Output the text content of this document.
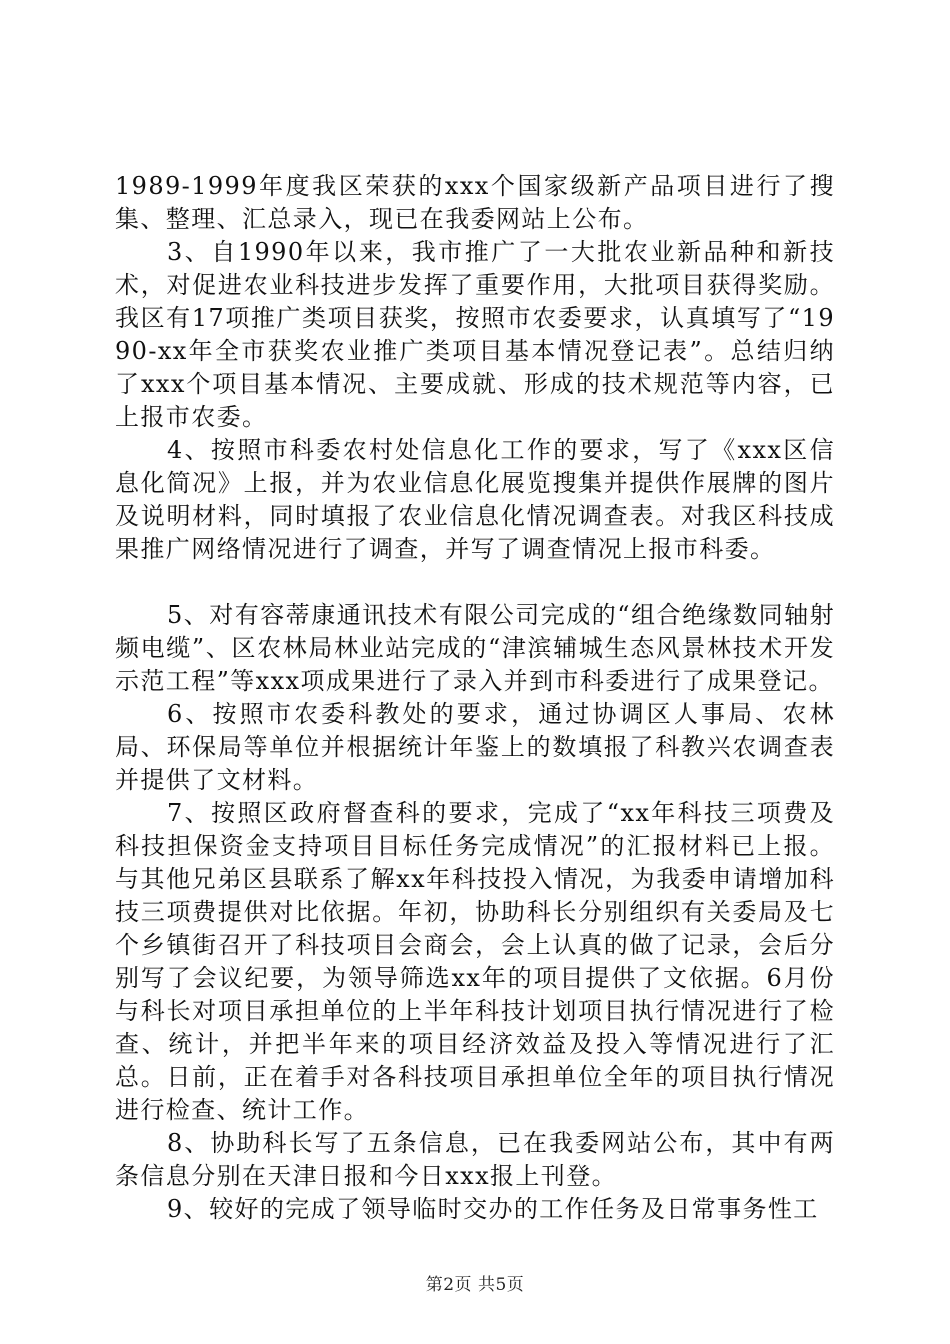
1989-1999年度我区荣获的xxx个国家级新产品项目进行了搜集、整理、汇总录入，现已在我委网站上公布。

3、自1990年以来，我市推广了一大批农业新品种和新技术，对促进农业科技进步发挥了重要作用，大批项目获得奖励。我区有17项推广类项目获奖，按照市农委要求，认真填写了“1990-xx年全市获奖农业推广类项目基本情况登记表”。总结归纳了xxx个项目基本情况、主要成就、形成的技术规范等内容，已上报市农委。

4、按照市科委农村处信息化工作的要求，写了《xxx区信息化简况》上报，并为农业信息化展览搜集并提供作展牌的图片及说明材料，同时填报了农业信息化情况调查表。对我区科技成果推广网络情况进行了调查，并写了调查情况上报市科委。

5、对有容蒂康通讯技术有限公司完成的“组合绝缘数同轴射频电缆”、区农林局林业站完成的“津滨辅城生态风景林技术开发示范工程”等xxx项成果进行了录入并到市科委进行了成果登记。

6、按照市农委科教处的要求，通过协调区人事局、农林局、环保局等单位并根据统计年鉴上的数填报了科教兴农调查表并提供了文材料。

7、按照区政府督查科的要求，完成了“xx年科技三项费及科技担保资金支持项目目标任务完成情况”的汇报材料已上报。与其他兄弟区县联系了解xx年科技投入情况，为我委申请增加科技三项费提供对比依据。年初，协助科长分别组织有关委局及七个乡镇街召开了科技项目会商会，会上认真的做了记录，会后分别写了会议纪要，为领导筛选xx年的项目提供了文依据。6月份与科长对项目承担单位的上半年科技计划项目执行情况进行了检查、统计，并把半年来的项目经济效益及投入等情况进行了汇总。日前，正在着手对各科技项目承担单位全年的项目执行情况进行检查、统计工作。

8、协助科长写了五条信息，已在我委网站公布，其中有两条信息分别在天津日报和今日xxx报上刊登。

9、较好的完成了领导临时交办的工作任务及日常事务性工

第2页 共5页
